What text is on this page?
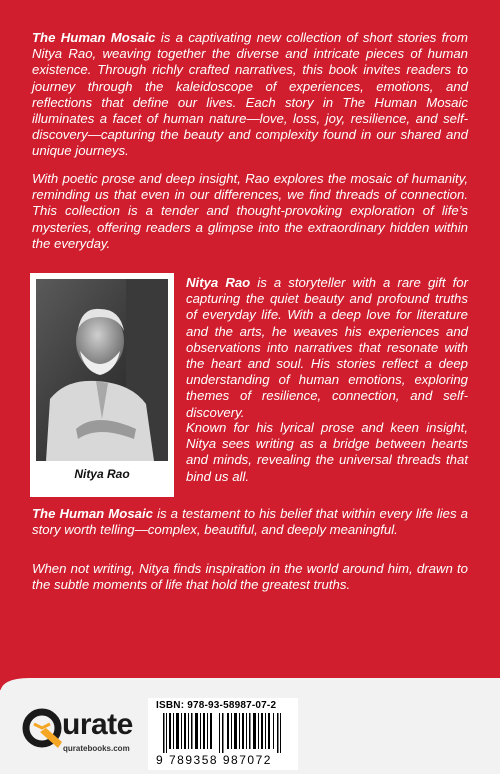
The Human Mosaic is a captivating new collection of short stories from Nitya Rao, weaving together the diverse and intricate pieces of human existence. Through richly crafted narratives, this book invites readers to journey through the kaleidoscope of experiences, emotions, and reflections that define our lives. Each story in The Human Mosaic illuminates a facet of human nature—love, loss, joy, resilience, and self-discovery—capturing the beauty and complexity found in our shared and unique journeys.

With poetic prose and deep insight, Rao explores the mosaic of humanity, reminding us that even in our differences, we find threads of connection. This collection is a tender and thought-provoking exploration of life’s mysteries, offering readers a glimpse into the extraordinary hidden within the everyday.

Nitya Rao

Nitya Rao is a storyteller with a rare gift for capturing the quiet beauty and profound truths of everyday life. With a deep love for literature and the arts, he weaves his experiences and observations into narratives that resonate with the heart and soul. His stories reflect a deep understanding of human emotions, exploring themes of resilience, connection, and self-discovery.

Known for his lyrical prose and keen insight, Nitya sees writing as a bridge between hearts and minds, revealing the universal threads that bind us all.

The Human Mosaic is a testament to his belief that within every life lies a story worth telling—complex, beautiful, and deeply meaningful.

When not writing, Nitya finds inspiration in the world around him, drawn to the subtle moments of life that hold the greatest truths.

urate
quratebooks.com
ISBN: 978-93-58987-07-2
9 789358 987072
